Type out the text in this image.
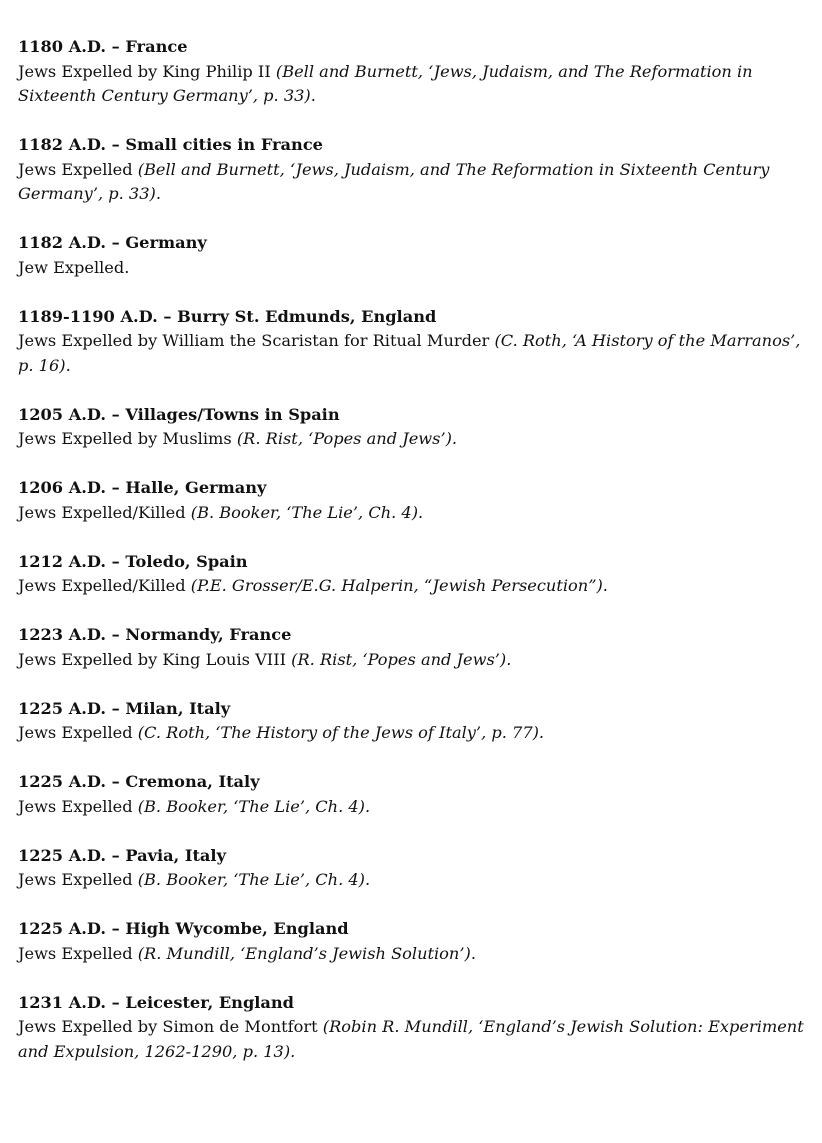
1180 A.D. – France
Jews Expelled by King Philip II (Bell and Burnett, ‘Jews, Judaism, and The Reformation in Sixteenth Century Germany’, p. 33).
1182 A.D. – Small cities in France
Jews Expelled (Bell and Burnett, ‘Jews, Judaism, and The Reformation in Sixteenth Century Germany’, p. 33).
1182 A.D. – Germany
Jew Expelled.
1189-1190 A.D. – Burry St. Edmunds, England
Jews Expelled by William the Scaristan for Ritual Murder (C. Roth, ‘A History of the Marranos’, p. 16).
1205 A.D. – Villages/Towns in Spain
Jews Expelled by Muslims (R. Rist, ‘Popes and Jews’).
1206 A.D. – Halle, Germany
Jews Expelled/Killed (B. Booker, ‘The Lie’, Ch. 4).
1212 A.D. – Toledo, Spain
Jews Expelled/Killed (P.E. Grosser/E.G. Halperin, “Jewish Persecution”).
1223 A.D. – Normandy, France
Jews Expelled by King Louis VIII (R. Rist, ‘Popes and Jews’).
1225 A.D. – Milan, Italy
Jews Expelled (C. Roth, ‘The History of the Jews of Italy’, p. 77).
1225 A.D. – Cremona, Italy
Jews Expelled (B. Booker, ‘The Lie’, Ch. 4).
1225 A.D. – Pavia, Italy
Jews Expelled (B. Booker, ‘The Lie’, Ch. 4).
1225 A.D. – High Wycombe, England
Jews Expelled (R. Mundill, ‘England’s Jewish Solution’).
1231 A.D. – Leicester, England
Jews Expelled by Simon de Montfort (Robin R. Mundill, ‘England’s Jewish Solution: Experiment and Expulsion, 1262-1290, p. 13).
